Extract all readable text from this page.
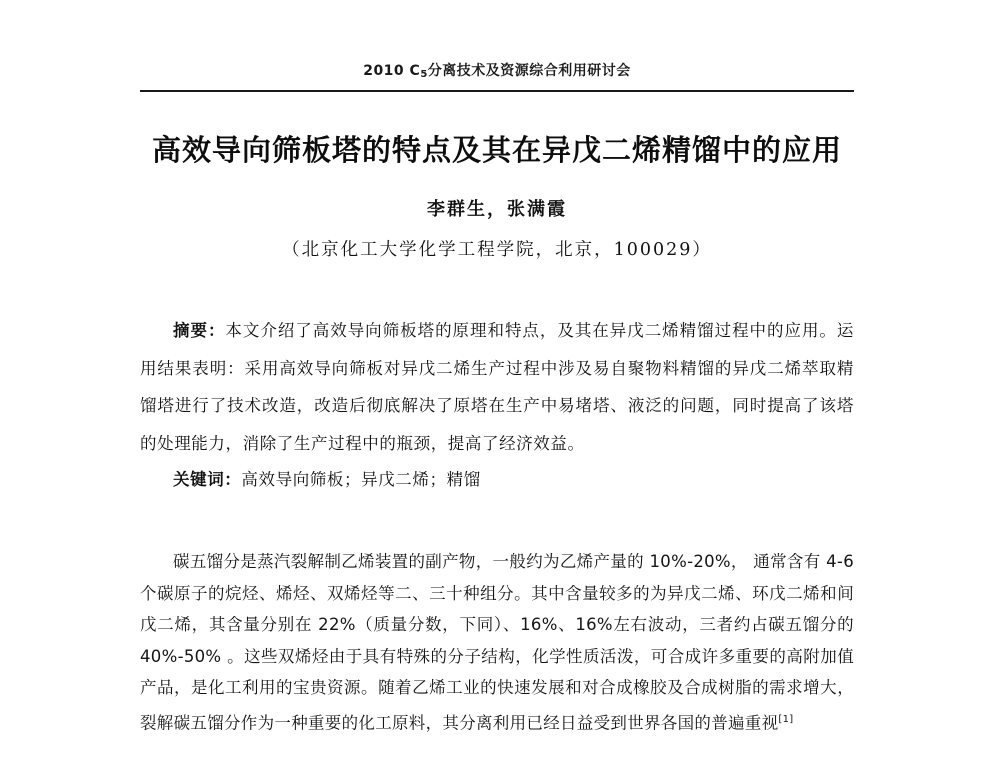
2010 $C_5$分离技术及资源综合利用研讨会
高效导向筛板塔的特点及其在异戊二烯精馏中的应用
李群生，张满霞
（北京化工大学化学工程学院，北京，100029）
摘要：本文介绍了高效导向筛板塔的原理和特点，及其在异戊二烯精馏过程中的应用。运用结果表明：采用高效导向筛板对异戊二烯生产过程中涉及易自聚物料精馏的异戊二烯萃取精馏塔进行了技术改造，改造后彻底解决了原塔在生产中易堵塔、液泛的问题，同时提高了该塔的处理能力，消除了生产过程中的瓶颈，提高了经济效益。
关键词：高效导向筛板；异戊二烯；精馏
碳五馏分是蒸汽裂解制乙烯装置的副产物，一般约为乙烯产量的 10%-20%， 通常含有 4-6 个碳原子的烷烃、烯烃、双烯烃等二、三十种组分。其中含量较多的为异戊二烯、环戊二烯和间戊二烯，其含量分别在 22%（质量分数，下同）、16%、16%左右波动，三者约占碳五馏分的 40%-50% 。这些双烯烃由于具有特殊的分子结构，化学性质活泼，可合成许多重要的高附加值产品，是化工利用的宝贵资源。随着乙烯工业的快速发展和对合成橡胶及合成树脂的需求增大，裂解碳五馏分作为一种重要的化工原料，其分离利用已经日益受到世界各国的普遍重视[1]
